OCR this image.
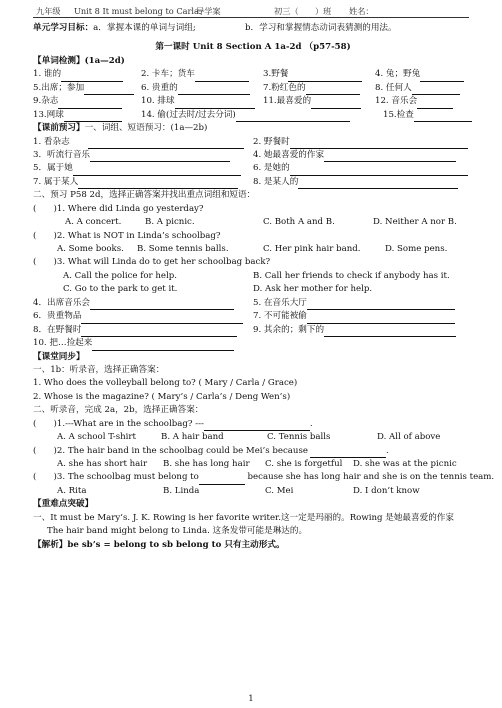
九年级 Unit 8 It must belong to Carla.
导学案	初三（　　）班 姓名：
单元学习目标：a．掌握本课的单词与词组;	b．学习和掌握情态动词表猜测的用法。
第一课时 Unit 8 Section A 1a-2d （p57-58)
【单词检测】(1a—2d)
1. 谁的	2. 卡车；货车	3.野餐	4. 兔；野兔
5.出席；参加	6. 贵重的	7.粉红色的	8. 任何人
9.杂志	10. 排球	11.最喜爱的	12. 音乐会
13.网球	14. 偷(过去时/过去分词)	15.检查
【课前预习】一、词组、短语预习：(1a—2b)
1. 看杂志	2. 野餐时
3．听流行音乐	4. 她最喜爱的作家
5．属于她	6. 是她的
7. 属于某人	8. 是某人的
二、预习 P58 2d，选择正确答案并找出重点词组和短语：
(　　)1. Where did Linda go yesterday?
A. A concert.	B. A picnic.	C. Both A and B.	D. Neither A nor B.
(　　)2. What is NOT in Linda’s schoolbag?
A. Some books. B. Some tennis balls.	C. Her pink hair band.	D. Some pens.
(　　)3. What will Linda do to get her schoolbag back?
A. Call the police for help.	B. Call her friends to check if anybody has it.
C. Go to the park to get it.	D. Ask her mother for help.
4．出席音乐会	5. 在音乐大厅
6．贵重物品	7. 不可能被偷
8．在野餐时	9. 其余的；剩下的
10. 把…捡起来
【课堂同步】
一、1b：听录音，选择正确答案：
1. Who does the volleyball belong to? ( Mary / Carla / Grace)
2. Whose is the magazine? ( Mary’s / Carla’s / Deng Wen’s)
二、听录音，完成 2a，2b，选择正确答案：
(　　)1.---What are in the schoolbag? ---	.
A. A school T-shirt	B. A hair band	C. Tennis balls	D. All of above
(　　)2. The hair band in the schoolbag could be Mei’s because	.
A. she has short hair B. she has long hair C. she is forgetful D. she was at the picnic
(　　)3. The schoolbag must belong to	because she has long hair and she is on the tennis team.
A. Rita	B. Linda	C. Mei	D. I don’t know
【重难点突破】
一、It must be Mary’s. J. K. Rowing is her favorite writer.这一定是玛丽的。Rowing 是她最喜爱的作家
The hair band might belong to Linda. 这条发带可能是琳达的。
【解析】be sb’s = belong to sb belong to 只有主动形式。
1
